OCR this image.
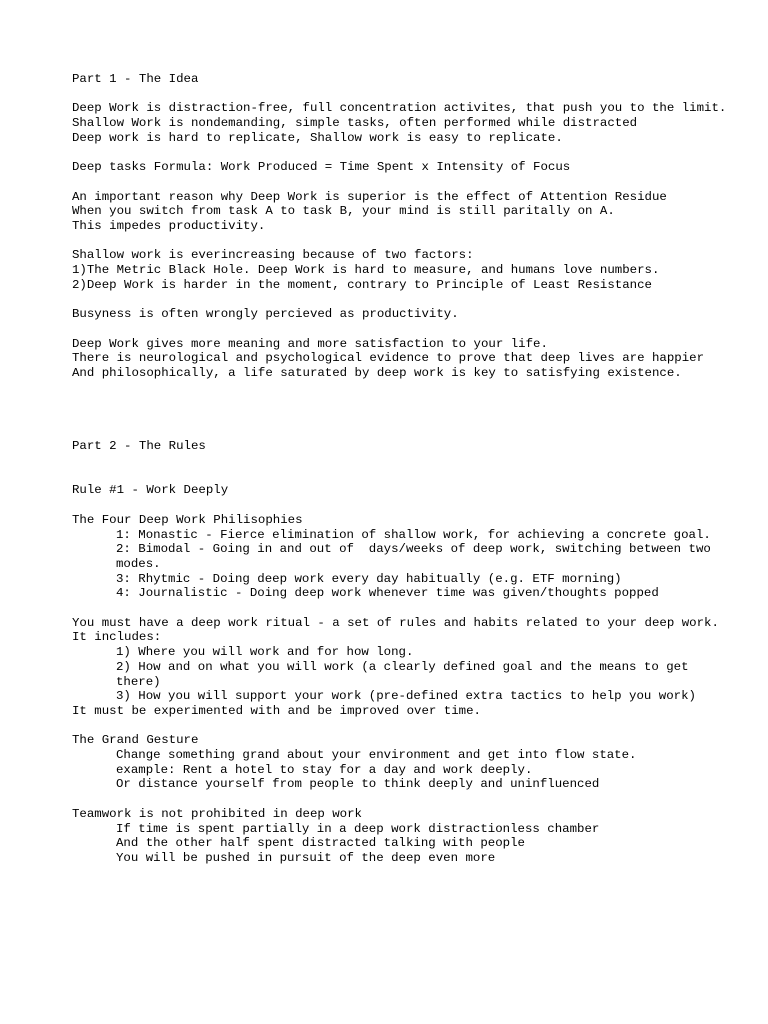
Part 1 - The Idea
Deep Work is distraction-free, full concentration activites, that push you to the limit.
Shallow Work is nondemanding, simple tasks, often performed while distracted
Deep work is hard to replicate, Shallow work is easy to replicate.
Deep tasks Formula: Work Produced = Time Spent x Intensity of Focus
An important reason why Deep Work is superior is the effect of Attention Residue
When you switch from task A to task B, your mind is still paritally on A.
This impedes productivity.
Shallow work is everincreasing because of two factors:
1)The Metric Black Hole. Deep Work is hard to measure, and humans love numbers.
2)Deep Work is harder in the moment, contrary to Principle of Least Resistance
Busyness is often wrongly percieved as productivity.
Deep Work gives more meaning and more satisfaction to your life.
There is neurological and psychological evidence to prove that deep lives are happier
And philosophically, a life saturated by deep work is key to satisfying existence.
Part 2 - The Rules
Rule #1 - Work Deeply
The Four Deep Work Philisophies
1: Monastic - Fierce elimination of shallow work, for achieving a concrete goal.
2: Bimodal - Going in and out of  days/weeks of deep work, switching between two modes.
3: Rhytmic - Doing deep work every day habitually (e.g. ETF morning)
4: Journalistic - Doing deep work whenever time was given/thoughts popped
You must have a deep work ritual - a set of rules and habits related to your deep work.
It includes:
1) Where you will work and for how long.
2) How and on what you will work (a clearly defined goal and the means to get there)
3) How you will support your work (pre-defined extra tactics to help you work)
It must be experimented with and be improved over time.
The Grand Gesture
Change something grand about your environment and get into flow state.
example: Rent a hotel to stay for a day and work deeply.
Or distance yourself from people to think deeply and uninfluenced
Teamwork is not prohibited in deep work
If time is spent partially in a deep work distractionless chamber
And the other half spent distracted talking with people
You will be pushed in pursuit of the deep even more
